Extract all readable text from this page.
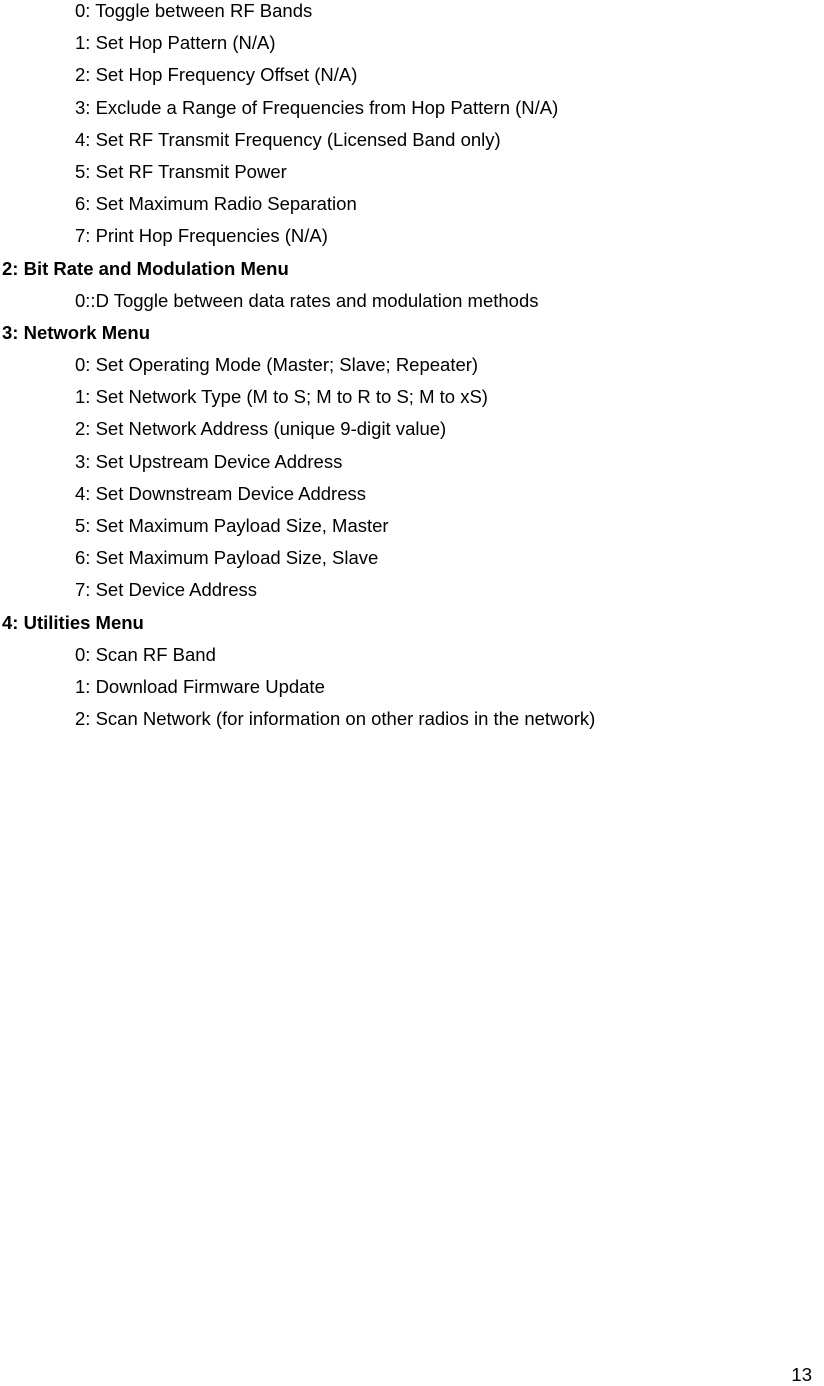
0: Toggle between RF Bands
1: Set Hop Pattern (N/A)
2: Set Hop Frequency Offset (N/A)
3: Exclude a Range of Frequencies from Hop Pattern (N/A)
4: Set RF Transmit Frequency (Licensed Band only)
5: Set RF Transmit Power
6: Set Maximum Radio Separation
7: Print Hop Frequencies (N/A)
2: Bit Rate and Modulation Menu
0::D Toggle between data rates and modulation methods
3: Network Menu
0: Set Operating Mode (Master; Slave; Repeater)
1: Set Network Type (M to S; M to R to S; M to xS)
2: Set Network Address (unique 9-digit value)
3: Set Upstream Device Address
4: Set Downstream Device Address
5: Set Maximum Payload Size, Master
6: Set Maximum Payload Size, Slave
7: Set Device Address
4: Utilities Menu
0: Scan RF Band
1: Download Firmware Update
2: Scan Network (for information on other radios in the network)
13
